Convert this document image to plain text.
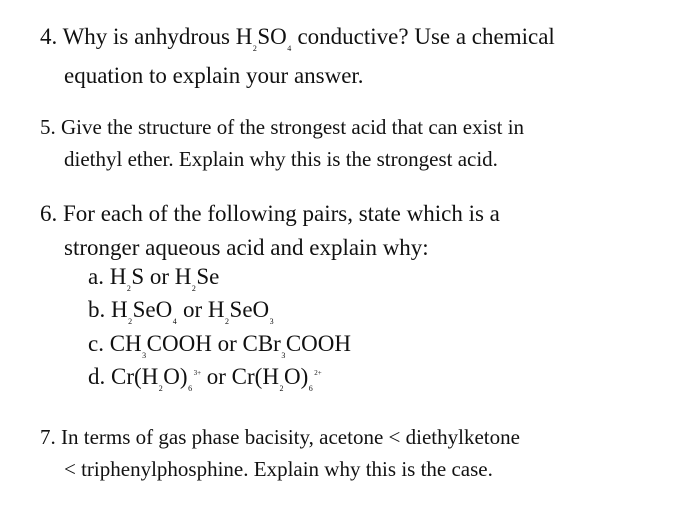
4. Why is anhydrous $H_2SO_4$ conductive? Use a chemical
equation to explain your answer.
5. Give the structure of the strongest acid that can exist in
diethyl ether. Explain why this is the strongest acid.
6. For each of the following pairs, state which is a
stronger aqueous acid and explain why:
a. $H_2S$ or $H_2Se$
b. $H_2SeO_4$ or $H_2SeO_3$
c. $CH_3COOH$ or CBr$_3$COOH
d. $Cr(H_2O)_6^{3+}$ or $Cr(H_2O)_6^{2+}$
7. In terms of gas phase bacisity, acetone < diethylketone
< triphenylphosphine. Explain why this is the case.
